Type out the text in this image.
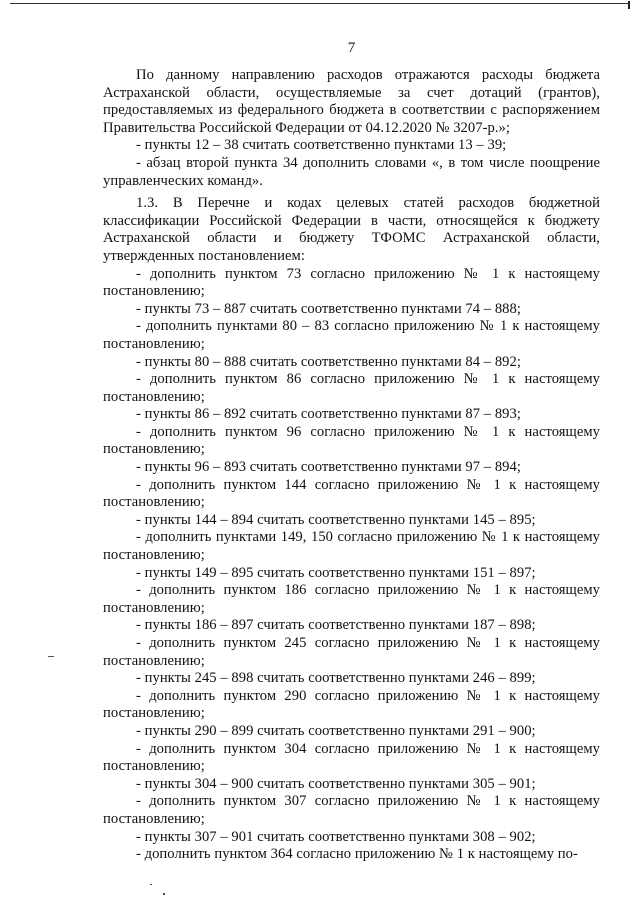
7

По данному направлению расходов отражаются расходы бюджета Астраханской области, осуществляемые за счет дотаций (грантов), предоставляемых из федерального бюджета в соответствии с распоряжением Правительства Российской Федерации от 04.12.2020 № 3207-р.»;

- пункты 12 – 38 считать соответственно пунктами 13 – 39;

- абзац второй пункта 34 дополнить словами «, в том числе поощрение управленческих команд».

1.3. В Перечне и кодах целевых статей расходов бюджетной классификации Российской Федерации в части, относящейся к бюджету Астраханской области и бюджету ТФОМС Астраханской области, утвержденных постановлением:

- дополнить пунктом 73 согласно приложению № 1 к настоящему постановлению;

- пункты 73 – 887 считать соответственно пунктами 74 – 888;

- дополнить пунктами 80 – 83 согласно приложению № 1 к настоящему постановлению;

- пункты 80 – 888 считать соответственно пунктами 84 – 892;

- дополнить пунктом 86 согласно приложению № 1 к настоящему постановлению;

- пункты 86 – 892 считать соответственно пунктами 87 – 893;

- дополнить пунктом 96 согласно приложению № 1 к настоящему постановлению;

- пункты 96 – 893 считать соответственно пунктами 97 – 894;

- дополнить пунктом 144 согласно приложению № 1 к настоящему постановлению;

- пункты 144 – 894 считать соответственно пунктами 145 – 895;

- дополнить пунктами 149, 150 согласно приложению № 1 к настоящему постановлению;

- пункты 149 – 895 считать соответственно пунктами 151 – 897;

- дополнить пунктом 186 согласно приложению № 1 к настоящему постановлению;

- пункты 186 – 897 считать соответственно пунктами 187 – 898;

- дополнить пунктом 245 согласно приложению № 1 к настоящему постановлению;

- пункты 245 – 898 считать соответственно пунктами 246 – 899;

- дополнить пунктом 290 согласно приложению № 1 к настоящему постановлению;

- пункты 290 – 899 считать соответственно пунктами 291 – 900;

- дополнить пунктом 304 согласно приложению № 1 к настоящему постановлению;

- пункты 304 – 900 считать соответственно пунктами 305 – 901;

- дополнить пунктом 307 согласно приложению № 1 к настоящему постановлению;

- пункты 307 – 901 считать соответственно пунктами 308 – 902;

- дополнить пунктом 364 согласно приложению № 1 к настоящему по-
